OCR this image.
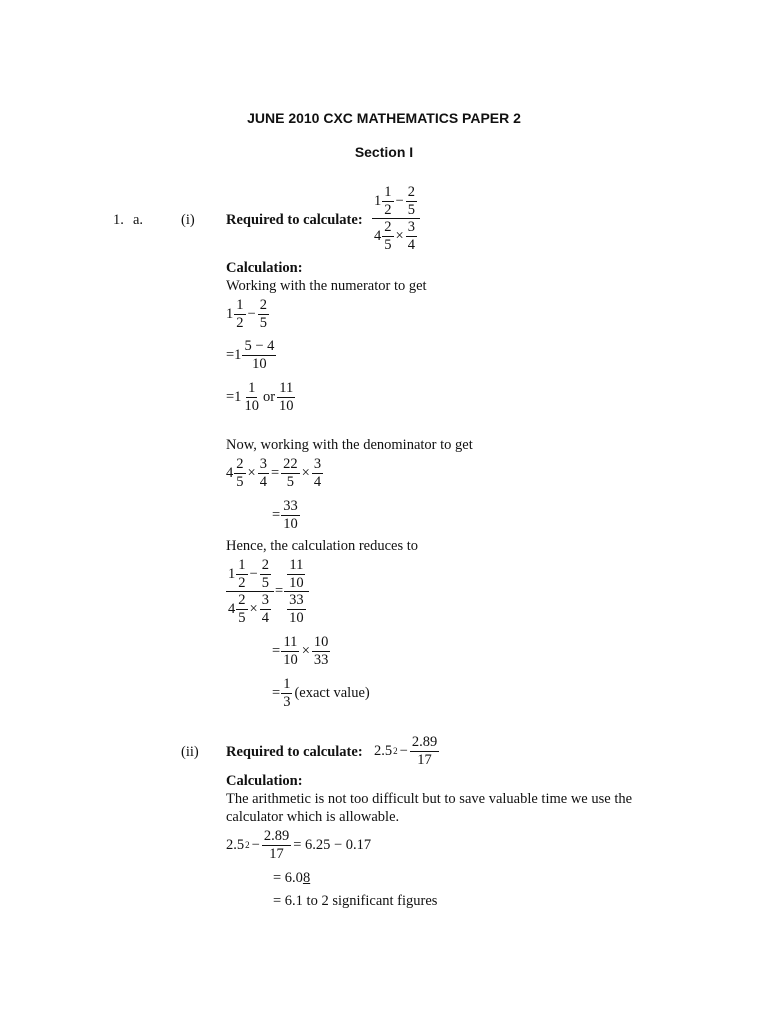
JUNE 2010 CXC MATHEMATICS PAPER 2
Section I
1. a.	(i) Required to calculate: $\frac{1 \frac{1}{2} - \frac{2}{5}}{4 \frac{2}{5} \times \frac{3}{4}}$
Calculation:
Working with the numerator to get
$1 \frac{1}{2} - \frac{2}{5}$
$=1 \frac{5 - 4}{10}$
$=1 \frac{1}{10}$ or $\frac{11}{10}$
Now, working with the denominator to get
$4 \frac{2}{5} \times \frac{3}{4} = \frac{22}{5} \times \frac{3}{4}$
= $\frac{33}{10}$
Hence, the calculation reduces to
$\frac{1 \frac{1}{2} - \frac{2}{5}}{4 \frac{2}{5} \times \frac{3}{4}} = \frac{\frac{11}{10}}{\frac{33}{10}}$
= $\frac{11}{10} \times \frac{10}{33}$
= $\frac{1}{3}$ (exact value)
(ii) Required to calculate: 2.5 $2 - \frac{2.89}{17}$
Calculation:
The arithmetic is not too difficult but to save valuable time we use the
calculator which is allowable.
2.5 $2 - \frac{2.89}{17} = 6.25 - 0.17$
= 6.08
= 6.1 to 2 significant figures
